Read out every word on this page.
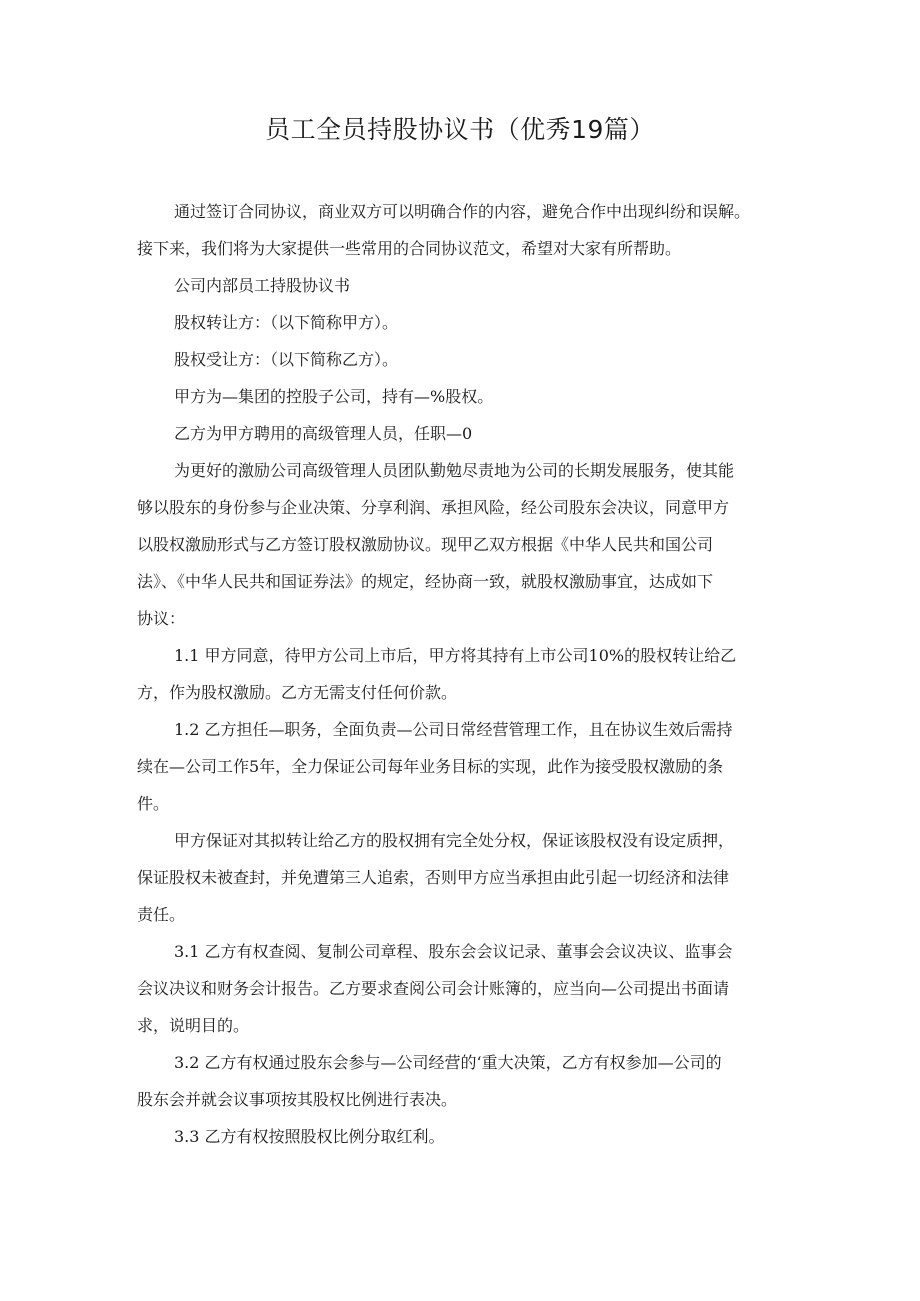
员工全员持股协议书（优秀19篇）

通过签订合同协议，商业双方可以明确合作的内容，避免合作中出现纠纷和误解。

接下来，我们将为大家提供一些常用的合同协议范文，希望对大家有所帮助。

公司内部员工持股协议书

股权转让方：（以下简称甲方）。

股权受让方：（以下简称乙方）。

甲方为—集团的控股子公司，持有—%股权。

乙方为甲方聘用的高级管理人员，任职—0

为更好的激励公司高级管理人员团队勤勉尽责地为公司的长期发展服务，使其能

够以股东的身份参与企业决策、分享利润、承担风险，经公司股东会决议，同意甲方

以股权激励形式与乙方签订股权激励协议。现甲乙双方根据《中华人民共和国公司

法》、《中华人民共和国证券法》的规定，经协商一致，就股权激励事宜，达成如下

协议：

1.1 甲方同意，待甲方公司上市后，甲方将其持有上市公司10%的股权转让给乙

方，作为股权激励。乙方无需支付任何价款。

1.2 乙方担任—职务，全面负责—公司日常经营管理工作，且在协议生效后需持

续在—公司工作5年，全力保证公司每年业务目标的实现，此作为接受股权激励的条

件。

甲方保证对其拟转让给乙方的股权拥有完全处分权，保证该股权没有设定质押，

保证股权未被查封，并免遭第三人追索，否则甲方应当承担由此引起一切经济和法律

责任。

3.1 乙方有权查阅、复制公司章程、股东会会议记录、董事会会议决议、监事会

会议决议和财务会计报告。乙方要求查阅公司会计账簿的，应当向—公司提出书面请

求，说明目的。

3.2 乙方有权通过股东会参与—公司经营的‘重大决策，乙方有权参加—公司的

股东会并就会议事项按其股权比例进行表决。

3.3 乙方有权按照股权比例分取红利。
